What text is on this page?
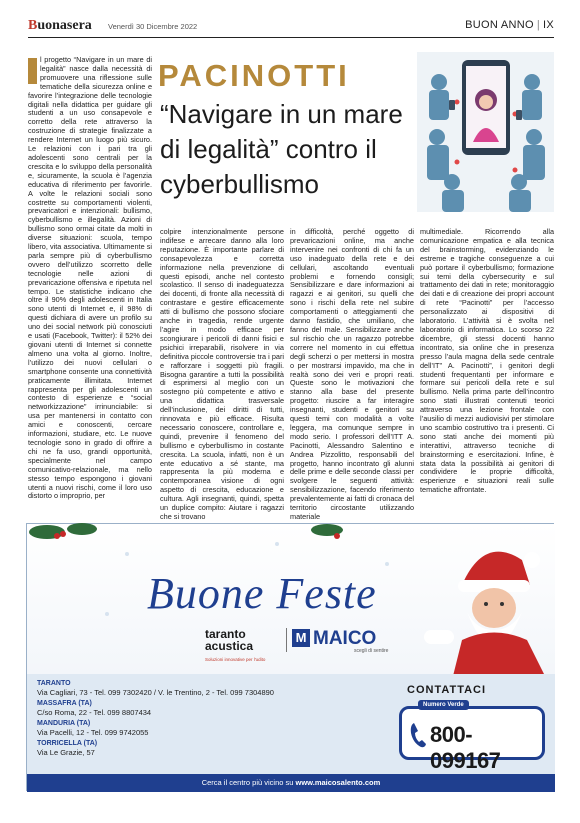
Buonasera Venerdì 30 Dicembre 2022	BUON ANNO | IX
PACINOTTI
“Navigare in un mare di legalità” contro il cyberbullismo
l progetto “Navigare in un mare di legalità” nasce dalla necessità di promuovere una riflessione sulle tematiche della sicurezza online e favorire l’integrazione delle tecnologie digitali nella didattica per guidare gli studenti a un uso consapevole e corretto della rete attraverso la costruzione di strategie finalizzate a rendere Internet un luogo più sicuro. Le relazioni con i pari tra gli adolescenti sono centrali per la crescita e lo sviluppo della personalità e, sicuramente, la scuola è l’agenzia educativa di riferimento per favorirle. A volte le relazioni sociali sono costrette su comportamenti violenti, prevaricatori e intenzionali: bullismo, cyberbullismo e illegalità. Azioni di bullismo sono ormai citate da molti in diverse situazioni: scuola, tempo libero, vita associativa. Ultimamente si parla sempre più di cyberbullismo ovvero dell’utilizzo scorretto delle tecnologie nelle azioni di prevaricazione offensiva e ripetuta nel tempo. Le statistiche indicano che oltre il 90% degli adolescenti in Italia sono utenti di Internet e, il 98% di questi dichiara di avere un profilo su uno dei social network più conosciuti e usati (Facebook, Twitter): il 52% dei giovani utenti di Internet si connette almeno una volta al giorno. Inoltre, l’utilizzo dei nuovi cellulari o smartphone consente una connettività praticamente illimitata. Internet rappresenta per gli adolescenti un contesto di esperienze e “social networkizzazione” irrinunciabile: si usa per mantenersi in contatto con amici e conoscenti, cercare informazioni, studiare, etc. Le nuove tecnologie sono in grado di offrire a chi ne fa uso, grandi opportunità, specialmente nel campo comunicativo-relazionale, ma nello stesso tempo espongono i giovani utenti a nuovi rischi, come il loro uso distorto o improprio, per
colpire intenzionalmente persone indifese e arrecare danno alla loro reputazione. È importante parlare di consapevolezza e corretta informazione nella prevenzione di questi episodi, anche nel contesto scolastico. Il senso di inadeguatezza dei docenti, di fronte alla necessità di contrastare e gestire efficacemente atti di bullismo che possono sfociare anche in tragedia, rende urgente l’agire in modo efficace per scongiurare i pericoli di danni fisici e psichici irreparabili, risolvere in via definitiva piccole controversie tra i pari e rafforzare i soggetti più fragili. Bisogna garantire a tutti la possibilità di esprimersi al meglio con un sostegno più competente e attivo e una didattica trasversale dell’inclusione, dei diritti di tutti, rinnovata e più efficace. Risulta necessario conoscere, controllare e, quindi, prevenire il fenomeno del bullismo e cyberbullismo in costante crescita. La scuola, infatti, non è un ente educativo a sé stante, ma rappresenta la più moderna e contemporanea visione di ogni aspetto di crescita, educazione e cultura. Agli insegnanti, quindi, spetta un duplice compito: Aiutare i ragazzi che si trovano
in difficoltà, perché oggetto di prevaricazioni online, ma anche intervenire nei confronti di chi fa un uso inadeguato della rete e dei cellulari, ascoltando eventuali problemi e fornendo consigli; Sensibilizzare e dare informazioni ai ragazzi e ai genitori, su quelli che sono i rischi della rete nel subire comportamenti o atteggiamenti che danno fastidio, che umiliano, che fanno del male. Sensibilizzare anche sul rischio che un ragazzo potrebbe correre nel momento in cui effettua degli scherzi o per mettersi in mostra o per mostrarsi impavido, ma che in realtà sono dei veri e propri reati. Queste sono le motivazioni che stanno alla base del presente progetto: riuscire a far interagire insegnanti, studenti e genitori su questi temi con modalità a volte leggera, ma comunque sempre in modo serio. I professori dell’ITT A. Pacinotti, Alessandro Salentino e Andrea Pizzolitto, responsabili del progetto, hanno incontrato gli alunni delle prime e delle seconde classi per svolgere le seguenti attività: sensibilizzazione, facendo riferimento prevalentemente ai fatti di cronaca del territorio circostante utilizzando materiale
multimediale. Ricorrendo alla comunicazione empatica e alla tecnica del brainstorming, evidenziando le estreme e tragiche conseguenze a cui può portare il cyberbullismo; formazione sui temi della cybersecurity e sul trattamento dei dati in rete; monitoraggio dei dati e di creazione dei propri account di rete “Pacinotti” per l’accesso personalizzato ai dispositivi di laboratorio. L’attività si è svolta nel laboratorio di informatica. Lo scorso 22 dicembre, gli stessi docenti hanno incontrato, sia online che in presenza presso l’aula magna della sede centrale dell’IT” A. Pacinotti”, i genitori degli studenti frequentanti per informare e formare sui pericoli della rete e sul bullismo. Nella prima parte dell’incontro sono stati illustrati contenuti teorici attraverso una lezione frontale con l’ausilio di mezzi audiovisivi per stimolare uno scambio costruttivo tra i presenti. Ci sono stati anche dei momenti più interattivi, attraverso tecniche di brainstorming e esercitazioni. Infine, è stata data la possibilità ai genitori di condividere le proprie difficoltà, esperienze e situazioni reali sulle tematiche affrontate.
Buone Feste
taranto acustica
Soluzioni innovative per l'udito
M MAICO
scegli di sentire
TARANTO
Via Cagliari, 73 - Tel. 099 7302420 / V. le Trentino, 2 - Tel. 099 7304890
MASSAFRA (TA)
C/so Roma, 22 - Tel. 099 8807434
MANDURIA (TA)
Via Pacelli, 12 - Tel. 099 9742055
TORRICELLA (TA)
Via Le Grazie, 57
CONTATTACI
Numero Verde
800-099167
Cerca il centro più vicino su www.maicosalento.com
